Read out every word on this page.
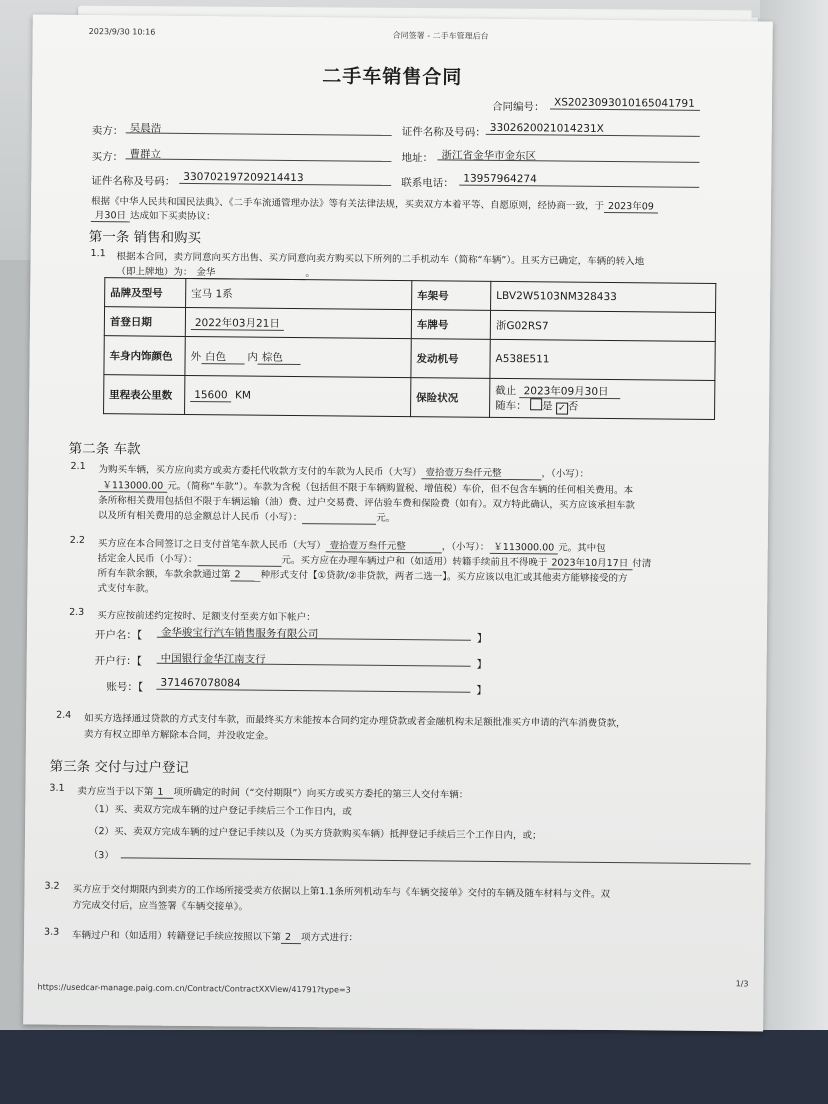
2023/9/30 10:16	合同签署 - 二手车管理后台
二手车销售合同
合同编号： XS2023093010165041791
卖方： 吴晨浩	证件名称及号码： 3302620021014231X
买方： 曹群立	地址： 浙江省金华市金东区
证件名称及号码： 330702197209214413	联系电话： 13957964274
根据《中华人民共和国民法典》、《二手车流通管理办法》等有关法律法规，买卖双方本着平等、自愿原则，经协商一致，于 2023年09
月30日 达成如下买卖协议：
第一条 销售和购买
1.1 根据本合同，卖方同意向买方出售、买方同意向卖方购买以下所列的二手机动车（简称“车辆”）。且买方已确定，车辆的转入地
（即上牌地）为： 金华	。
品牌及型号	宝马 1系	车架号	LBV2W5103NM328433
首登日期	2022年03月21日	车牌号	浙G02RS7
车身内饰颜色	外 白色 内 棕色	发动机号	A538E511
里程表公里数	15600 KM	保险状况	截止 2023年09月30日
随车： 是 ✓ 否
第二条 车款
2.1 为购买车辆，买方应向卖方或卖方委托代收款方支付的车款为人民币（大写） 壹拾壹万叁仟元整	，（小写）：
￥113000.00 元。（简称“车款”）。车款为含税（包括但不限于车辆购置税、增值税）车价，但不包含车辆的任何相关费用。本
条所称相关费用包括但不限于车辆运输（油）费、过户交易费、评估验车费和保险费（如有）。双方特此确认，买方应该承担车款
以及所有相关费用的总金额总计人民币（小写）：	元。
2.2 买方应在本合同签订之日支付首笔车款人民币（大写） 壹拾壹万叁仟元整	，（小写）： ￥113000.00 元。其中包
括定金人民币（小写）：	元。买方应在办理车辆过户和（如适用）转籍手续前且不得晚于 2023年10月17日 付清
所有车款余额，车款余款通过第 2 种形式支付【①贷款/②非贷款，两者二选一】。买方应该以电汇或其他卖方能够接受的方
式支付车款。
2.3 买方应按前述约定按时、足额支付至卖方如下帐户：
开户名：【	金华骏宝行汽车销售服务有限公司	】
开户行：【	中国银行金华江南支行	】
账号：【	371467078084
】
2.4 如买方选择通过贷款的方式支付车款，而最终买方未能按本合同约定办理贷款或者金融机构未足额批准买方申请的汽车消费贷款，
卖方有权立即单方解除本合同，并没收定金。
第三条 交付与过户登记
3.1 卖方应当于以下第 1 项所确定的时间（“交付期限”）向买方或买方委托的第三人交付车辆：
（1）买、卖双方完成车辆的过户登记手续后三个工作日内，或
（2）买、卖双方完成车辆的过户登记手续以及（为买方贷款购买车辆）抵押登记手续后三个工作日内，或；
（3）
3.2 买方应于交付期限内到卖方的工作场所接受卖方依据以上第1.1条所列机动车与《车辆交接单》交付的车辆及随车材料与文件。双
方完成交付后，应当签署《车辆交接单》。
3.3 车辆过户和（如适用）转籍登记手续应按照以下第 2 项方式进行：
https://usedcar-manage.paig.com.cn/Contract/ContractXXView/41791?type=3	1/3
